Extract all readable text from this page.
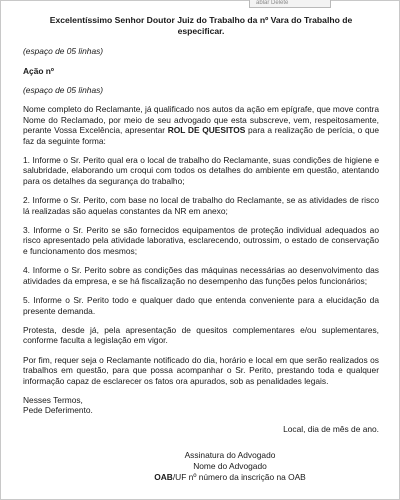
ablar Delete
Excelentíssimo Senhor Doutor Juiz do Trabalho da nº Vara do Trabalho de especificar.
(espaço de 05 linhas)
Ação nº
(espaço de 05 linhas)

Nome completo do Reclamante, já qualificado nos autos da ação em epígrafe, que move contra Nome do Reclamado, por meio de seu advogado que esta subscreve, vem, respeitosamente, perante Vossa Excelência, apresentar ROL DE QUESITOS para a realização de perícia, o que faz da seguinte forma:

1. Informe o Sr. Perito qual era o local de trabalho do Reclamante, suas condições de higiene e salubridade, elaborando um croqui com todos os detalhes do ambiente em questão, atentando para os detalhes da segurança do trabalho;

2. Informe o Sr. Perito, com base no local de trabalho do Reclamante, se as atividades de risco lá realizadas são aquelas constantes da NR em anexo;

3. Informe o Sr. Perito se são fornecidos equipamentos de proteção individual adequados ao risco apresentado pela atividade laborativa, esclarecendo, outrossim, o estado de conservação e funcionamento dos mesmos;

4. Informe o Sr. Perito sobre as condições das máquinas necessárias ao desenvolvimento das atividades da empresa, e se há fiscalização no desempenho das funções pelos funcionários;

5. Informe o Sr. Perito todo e qualquer dado que entenda conveniente para a elucidação da presente demanda.

Protesta, desde já, pela apresentação de quesitos complementares e/ou suplementares, conforme faculta a legislação em vigor.

Por fim, requer seja o Reclamante notificado do dia, horário e local em que serão realizados os trabalhos em questão, para que possa acompanhar o Sr. Perito, prestando toda e qualquer informação capaz de esclarecer os fatos ora apurados, sob as penalidades legais.

Nesses Termos,
Pede Deferimento.
Local, dia de mês de ano.
Assinatura do Advogado
Nome do Advogado
OAB/UF nº número da inscrição na OAB
